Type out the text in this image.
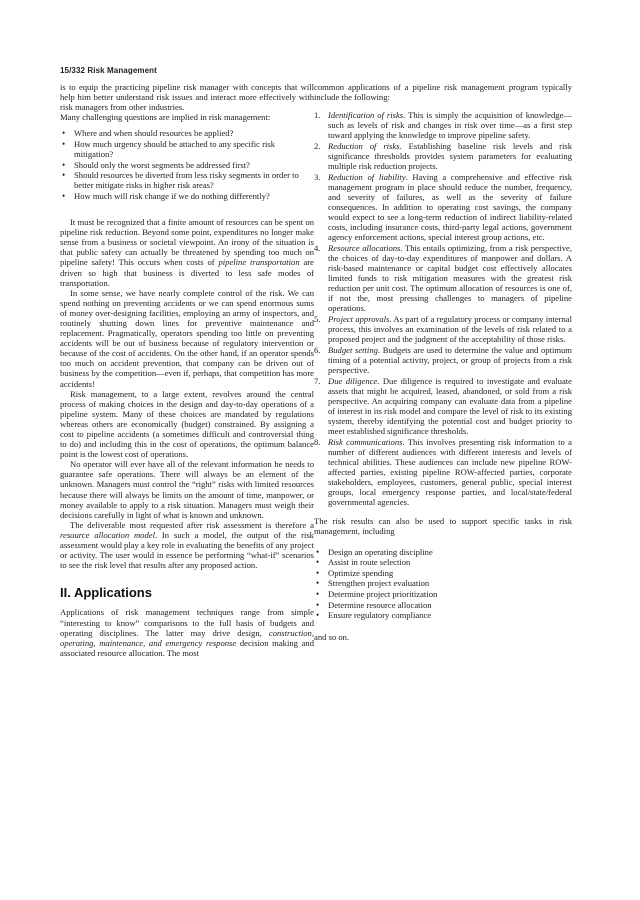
15/332 Risk Management

is to equip the practicing pipeline risk manager with concepts that will help him better understand risk issues and interact more effectively with risk managers from other industries.

Many challenging questions are implied in risk management:

• Where and when should resources be applied?
• How much urgency should be attached to any specific risk mitigation?
• Should only the worst segments be addressed first?
• Should resources be diverted from less risky segments in order to better mitigate risks in higher risk areas?
• How much will risk change if we do nothing differently?

It must be recognized that a finite amount of resources can be spent on pipeline risk reduction. Beyond some point, expenditures no longer make sense from a business or societal viewpoint. An irony of the situation is that public safety can actually be threatened by spending too much on pipeline safety! This occurs when costs of pipeline transportation are driven so high that business is diverted to less safe modes of transportation.

In some sense, we have nearly complete control of the risk. We can spend nothing on preventing accidents or we can spend enormous sums of money over-designing facilities, employing an army of inspectors, and routinely shutting down lines for preventive maintenance and replacement. Pragmatically, operators spending too little on preventing accidents will be out of business because of regulatory intervention or because of the cost of accidents. On the other hand, if an operator spends too much on accident prevention, that company can be driven out of business by the competition—even if, perhaps, that competition has more accidents!

Risk management, to a large extent, revolves around the central process of making choices in the design and day-to-day operations of a pipeline system. Many of these choices are mandated by regulations whereas others are economically (budget) constrained. By assigning a cost to pipeline accidents (a sometimes difficult and controversial thing to do) and including this in the cost of operations, the optimum balance point is the lowest cost of operations.

No operator will ever have all of the relevant information he needs to guarantee safe operations. There will always be an element of the unknown. Managers must control the “right” risks with limited resources because there will always be limits on the amount of time, manpower, or money available to apply to a risk situation. Managers must weigh their decisions carefully in light of what is known and unknown.

The deliverable most requested after risk assessment is therefore a resource allocation model. In such a model, the output of the risk assessment would play a key role in evaluating the benefits of any project or activity. The user would in essence be performing “what-if” scenarios to see the risk level that results after any proposed action.

II. Applications

Applications of risk management techniques range from simple “interesting to know” comparisons to the full basis of budgets and operating disciplines. The latter may drive design, construction, operating, maintenance, and emergency response decision making and associated resource allocation. The most

common applications of a pipeline risk management program typically include the following:

1. Identification of risks. This is simply the acquisition of knowledge—such as levels of risk and changes in risk over time—as a first step toward applying the knowledge to improve pipeline safety.
2. Reduction of risks. Establishing baseline risk levels and risk significance thresholds provides system parameters for evaluating multiple risk reduction projects.
3. Reduction of liability. Having a comprehensive and effective risk management program in place should reduce the number, frequency, and severity of failures, as well as the severity of failure consequences. In addition to operating cost savings, the company would expect to see a long-term reduction of indirect liability-related costs, including insurance costs, third-party legal actions, government agency enforcement actions, special interest group actions, etc.
4. Resource allocations. This entails optimizing, from a risk perspective, the choices of day-to-day expenditures of manpower and dollars. A risk-based maintenance or capital budget cost effectively allocates limited funds to risk mitigation measures with the greatest risk reduction per unit cost. The optimum allocation of resources is one of, if not the, most pressing challenges to managers of pipeline operations.
5. Project approvals. As part of a regulatory process or company internal process, this involves an examination of the levels of risk related to a proposed project and the judgment of the acceptability of those risks.
6. Budget setting. Budgets are used to determine the value and optimum timing of a potential activity, project, or group of projects from a risk perspective.
7. Due diligence. Due diligence is required to investigate and evaluate assets that might be acquired, leased, abandoned, or sold from a risk perspective. An acquiring company can evaluate data from a pipeline of interest in its risk model and compare the level of risk to its existing system, thereby identifying the potential cost and budget priority to meet established significance thresholds.
8. Risk communications. This involves presenting risk information to a number of different audiences with different interests and levels of technical abilities. These audiences can include new pipeline ROW-affected parties, existing pipeline ROW-affected parties, corporate stakeholders, employees, customers, general public, special interest groups, local emergency response parties, and local/state/federal governmental agencies.

The risk results can also be used to support specific tasks in risk management, including

• Design an operating discipline
• Assist in route selection
• Optimize spending
• Strengthen project evaluation
• Determine project prioritization
• Determine resource allocation
• Ensure regulatory compliance

and so on.
